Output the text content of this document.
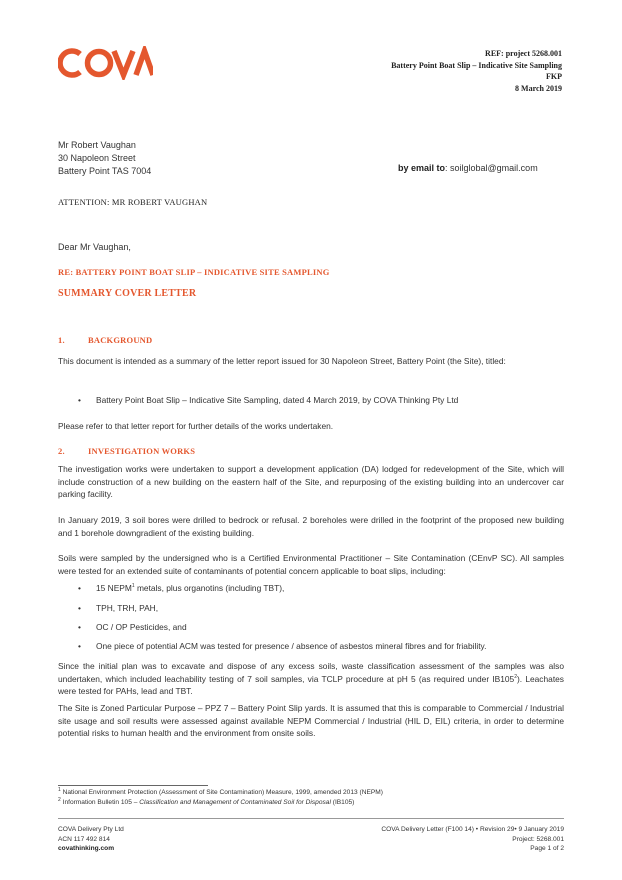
REF: project 5268.001
Battery Point Boat Slip – Indicative Site Sampling
FKP
8 March 2019
Mr Robert Vaughan
30 Napoleon Street
Battery Point TAS 7004	by email to: soilglobal@gmail.com
ATTENTION: MR ROBERT VAUGHAN
Dear Mr Vaughan,
RE: BATTERY POINT BOAT SLIP – INDICATIVE SITE SAMPLING
SUMMARY COVER LETTER
1.	BACKGROUND
This document is intended as a summary of the letter report issued for 30 Napoleon Street, Battery Point (the Site), titled:
• Battery Point Boat Slip – Indicative Site Sampling, dated 4 March 2019, by COVA Thinking Pty Ltd
Please refer to that letter report for further details of the works undertaken.
2.	INVESTIGATION WORKS
The investigation works were undertaken to support a development application (DA) lodged for redevelopment of the Site, which will include construction of a new building on the eastern half of the Site, and repurposing of the existing building into an undercover car parking facility.
In January 2019, 3 soil bores were drilled to bedrock or refusal. 2 boreholes were drilled in the footprint of the proposed new building and 1 borehole downgradient of the existing building.
Soils were sampled by the undersigned who is a Certified Environmental Practitioner – Site Contamination (CEnvP SC). All samples were tested for an extended suite of contaminants of potential concern applicable to boat slips, including:
• 15 NEPM$^1$ metals, plus organotins (including TBT),
• TPH, TRH, PAH,
• OC / OP Pesticides, and
• One piece of potential ACM was tested for presence / absence of asbestos mineral fibres and for friability.
Since the initial plan was to excavate and dispose of any excess soils, waste classification assessment of the samples was also undertaken, which included leachability testing of 7 soil samples, via TCLP procedure at pH 5 (as required under $IB105^2$). Leachates were tested for PAHs, lead and TBT.
The Site is Zoned Particular Purpose – PPZ 7 – Battery Point Slip yards. It is assumed that this is comparable to Commercial / Industrial site usage and soil results were assessed against available NEPM Commercial / Industrial (HIL D, EIL) criteria, in order to determine potential risks to human health and the environment from onsite soils.
$^1$ National Environment Protection (Assessment of Site Contamination) Measure, 1999, amended 2013 (NEPM)
$^2$ Information Bulletin 105 – Classification and Management of Contaminated Soil for Disposal (IB105)
COVA Delivery Pty Ltd
ACN 117 492 814
covathinking.com
COVA Delivery Letter (F100 14) • Revision 29• 9 January 2019
Project: 5268.001
Page 1 of 2
